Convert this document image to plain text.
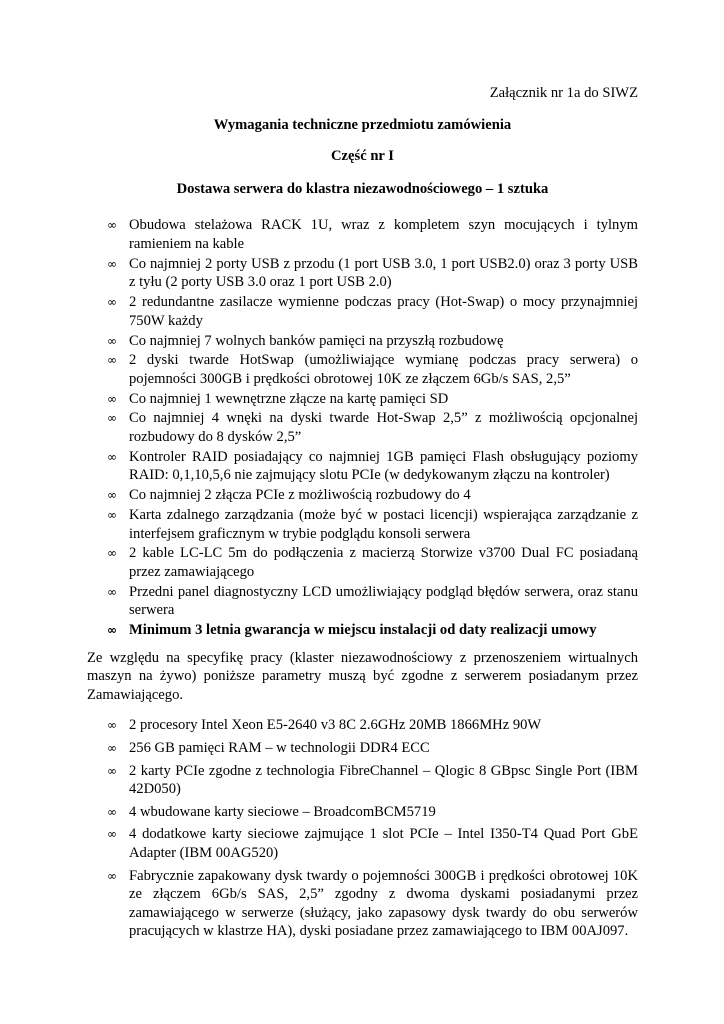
Załącznik nr 1a do SIWZ

Wymagania techniczne przedmiotu zamówienia

Część nr I

Dostawa serwera do klastra niezawodnościowego – 1 sztuka

∞ Obudowa stelażowa RACK 1U, wraz z kompletem szyn mocujących i tylnym ramieniem na kable
∞ Co najmniej 2 porty USB z przodu (1 port USB 3.0, 1 port USB2.0) oraz 3 porty USB z tyłu (2 porty USB 3.0 oraz 1 port USB 2.0)
∞ 2 redundantne zasilacze wymienne podczas pracy (Hot-Swap) o mocy przynajmniej 750W każdy
∞ Co najmniej 7 wolnych banków pamięci na przyszłą rozbudowę
∞ 2 dyski twarde HotSwap (umożliwiające wymianę podczas pracy serwera) o pojemności 300GB i prędkości obrotowej 10K ze złączem 6Gb/s SAS, 2,5”
∞ Co najmniej 1 wewnętrzne złącze na kartę pamięci SD
∞ Co najmniej 4 wnęki na dyski twarde Hot-Swap 2,5” z możliwością opcjonalnej rozbudowy do 8 dysków 2,5”
∞ Kontroler RAID posiadający co najmniej 1GB pamięci Flash obsługujący poziomy RAID: 0,1,10,5,6 nie zajmujący slotu PCIe (w dedykowanym złączu na kontroler)
∞ Co najmniej 2 złącza PCIe z możliwością rozbudowy do 4
∞ Karta zdalnego zarządzania (może być w postaci licencji) wspierająca zarządzanie z interfejsem graficznym w trybie podglądu konsoli serwera
∞ 2 kable LC-LC 5m do podłączenia z macierzą Storwize v3700 Dual FC posiadaną przez zamawiającego
∞ Przedni panel diagnostyczny LCD umożliwiający podgląd błędów serwera, oraz stanu serwera
∞ Minimum 3 letnia gwarancja w miejscu instalacji od daty realizacji umowy

Ze względu na specyfikę pracy (klaster niezawodnościowy z przenoszeniem wirtualnych maszyn na żywo) poniższe parametry muszą być zgodne z serwerem posiadanym przez Zamawiającego.

∞ 2 procesory Intel Xeon E5-2640 v3 8C 2.6GHz 20MB 1866MHz 90W
∞ 256 GB pamięci RAM – w technologii DDR4 ECC
∞ 2 karty PCIe zgodne z technologia FibreChannel – Qlogic 8 GBpsc Single Port (IBM 42D050)
∞ 4 wbudowane karty sieciowe – BroadcomBCM5719
∞ 4 dodatkowe karty sieciowe zajmujące 1 slot PCIe – Intel I350-T4 Quad Port GbE Adapter (IBM 00AG520)
∞ Fabrycznie zapakowany dysk twardy o pojemności 300GB i prędkości obrotowej 10K ze złączem 6Gb/s SAS, 2,5” zgodny z dwoma dyskami posiadanymi przez zamawiającego w serwerze (służący, jako zapasowy dysk twardy do obu serwerów pracujących w klastrze HA), dyski posiadane przez zamawiającego to IBM 00AJ097.
